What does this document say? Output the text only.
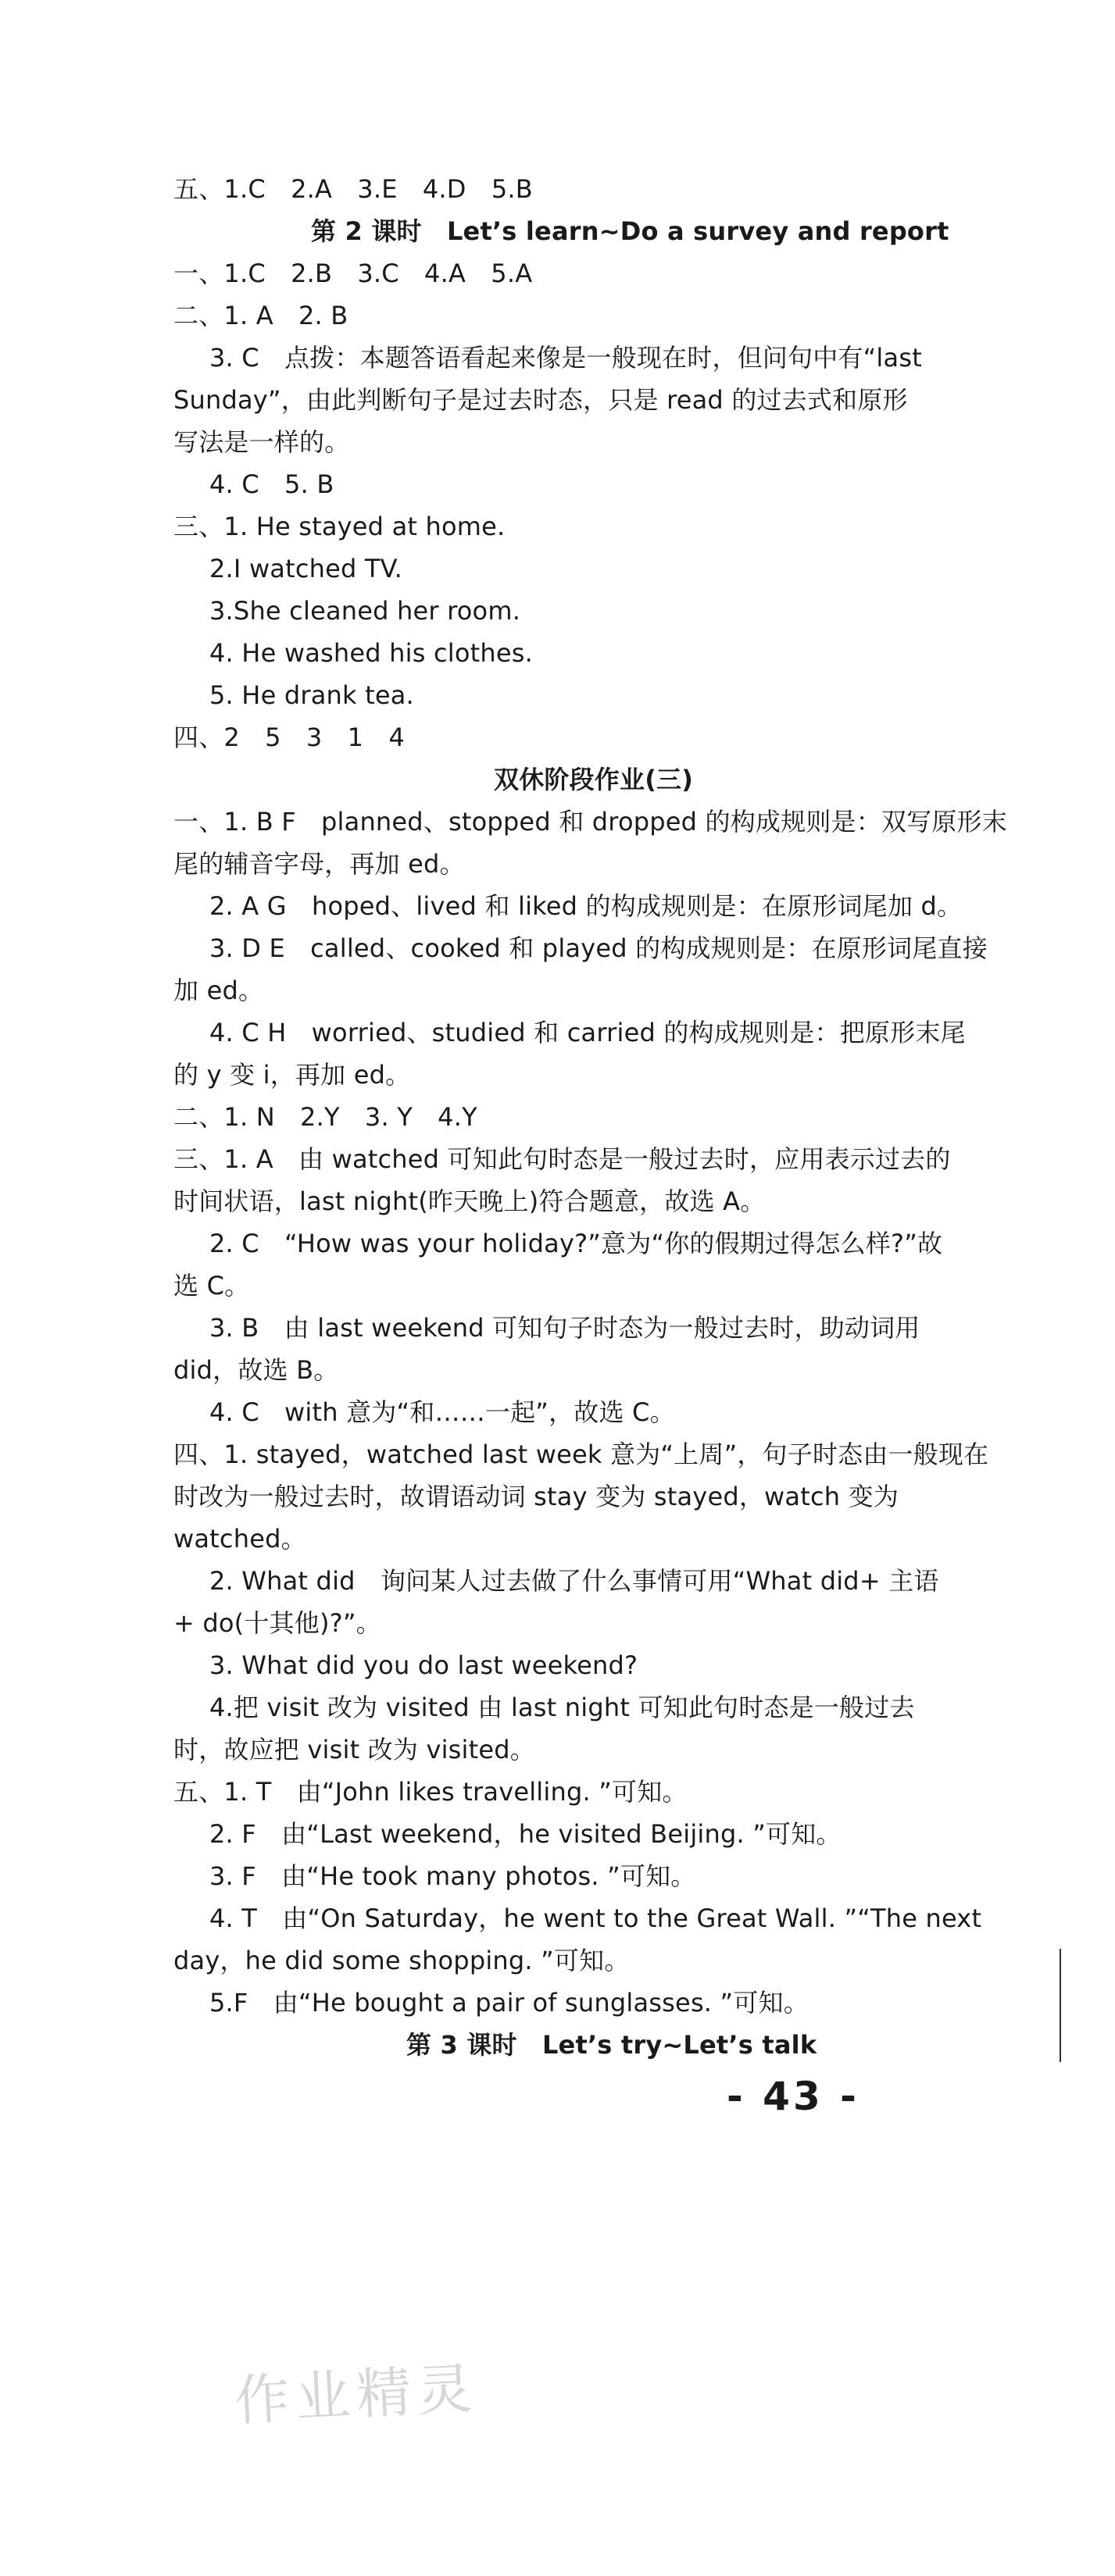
五、1.C　2.A　3.E　4.D　5.B
第 2 课时　Let’s learn~Do a survey and report
一、1.C　2.B　3.C　4.A　5.A
二、1. A　2. B
3. C　点拨：本题答语看起来像是一般现在时，但问句中有“last
Sunday”，由此判断句子是过去时态，只是 read 的过去式和原形
写法是一样的。
4. C　5. B
三、1. He stayed at home.
2.I watched TV.
3.She cleaned her room.
4. He washed his clothes.
5. He drank tea.
四、2　5　3　1　4
双休阶段作业(三)
一、1. B F　planned、stopped 和 dropped 的构成规则是：双写原形末
尾的辅音字母，再加 ed。
2. A G　hoped、lived 和 liked 的构成规则是：在原形词尾加 d。
3. D E　called、cooked 和 played 的构成规则是：在原形词尾直接
加 ed。
4. C H　worried、studied 和 carried 的构成规则是：把原形末尾
的 y 变 i，再加 ed。
二、1. N　2.Y　3. Y　4.Y
三、1. A　由 watched 可知此句时态是一般过去时，应用表示过去的
时间状语，last night(昨天晚上)符合题意，故选 A。
2. C　“How was your holiday?”意为“你的假期过得怎么样?”故
选 C。
3. B　由 last weekend 可知句子时态为一般过去时，助动词用
did，故选 B。
4. C　with 意为“和……一起”，故选 C。
四、1. stayed，watched last week 意为“上周”，句子时态由一般现在
时改为一般过去时，故谓语动词 stay 变为 stayed，watch 变为
watched。
2. What did　询问某人过去做了什么事情可用“What did+ 主语
+ do(十其他)?”。
3. What did you do last weekend?
4.把 visit 改为 visited 由 last night 可知此句时态是一般过去
时，故应把 visit 改为 visited。
五、1. T　由“John likes travelling. ”可知。
2. F　由“Last weekend，he visited Beijing. ”可知。
3. F　由“He took many photos. ”可知。
4. T　由“On Saturday，he went to the Great Wall. ”“The next
day，he did some shopping. ”可知。
5.F　由“He bought a pair of sunglasses. ”可知。
第 3 课时　Let’s try~Let’s talk
- 43 -
作业精灵
